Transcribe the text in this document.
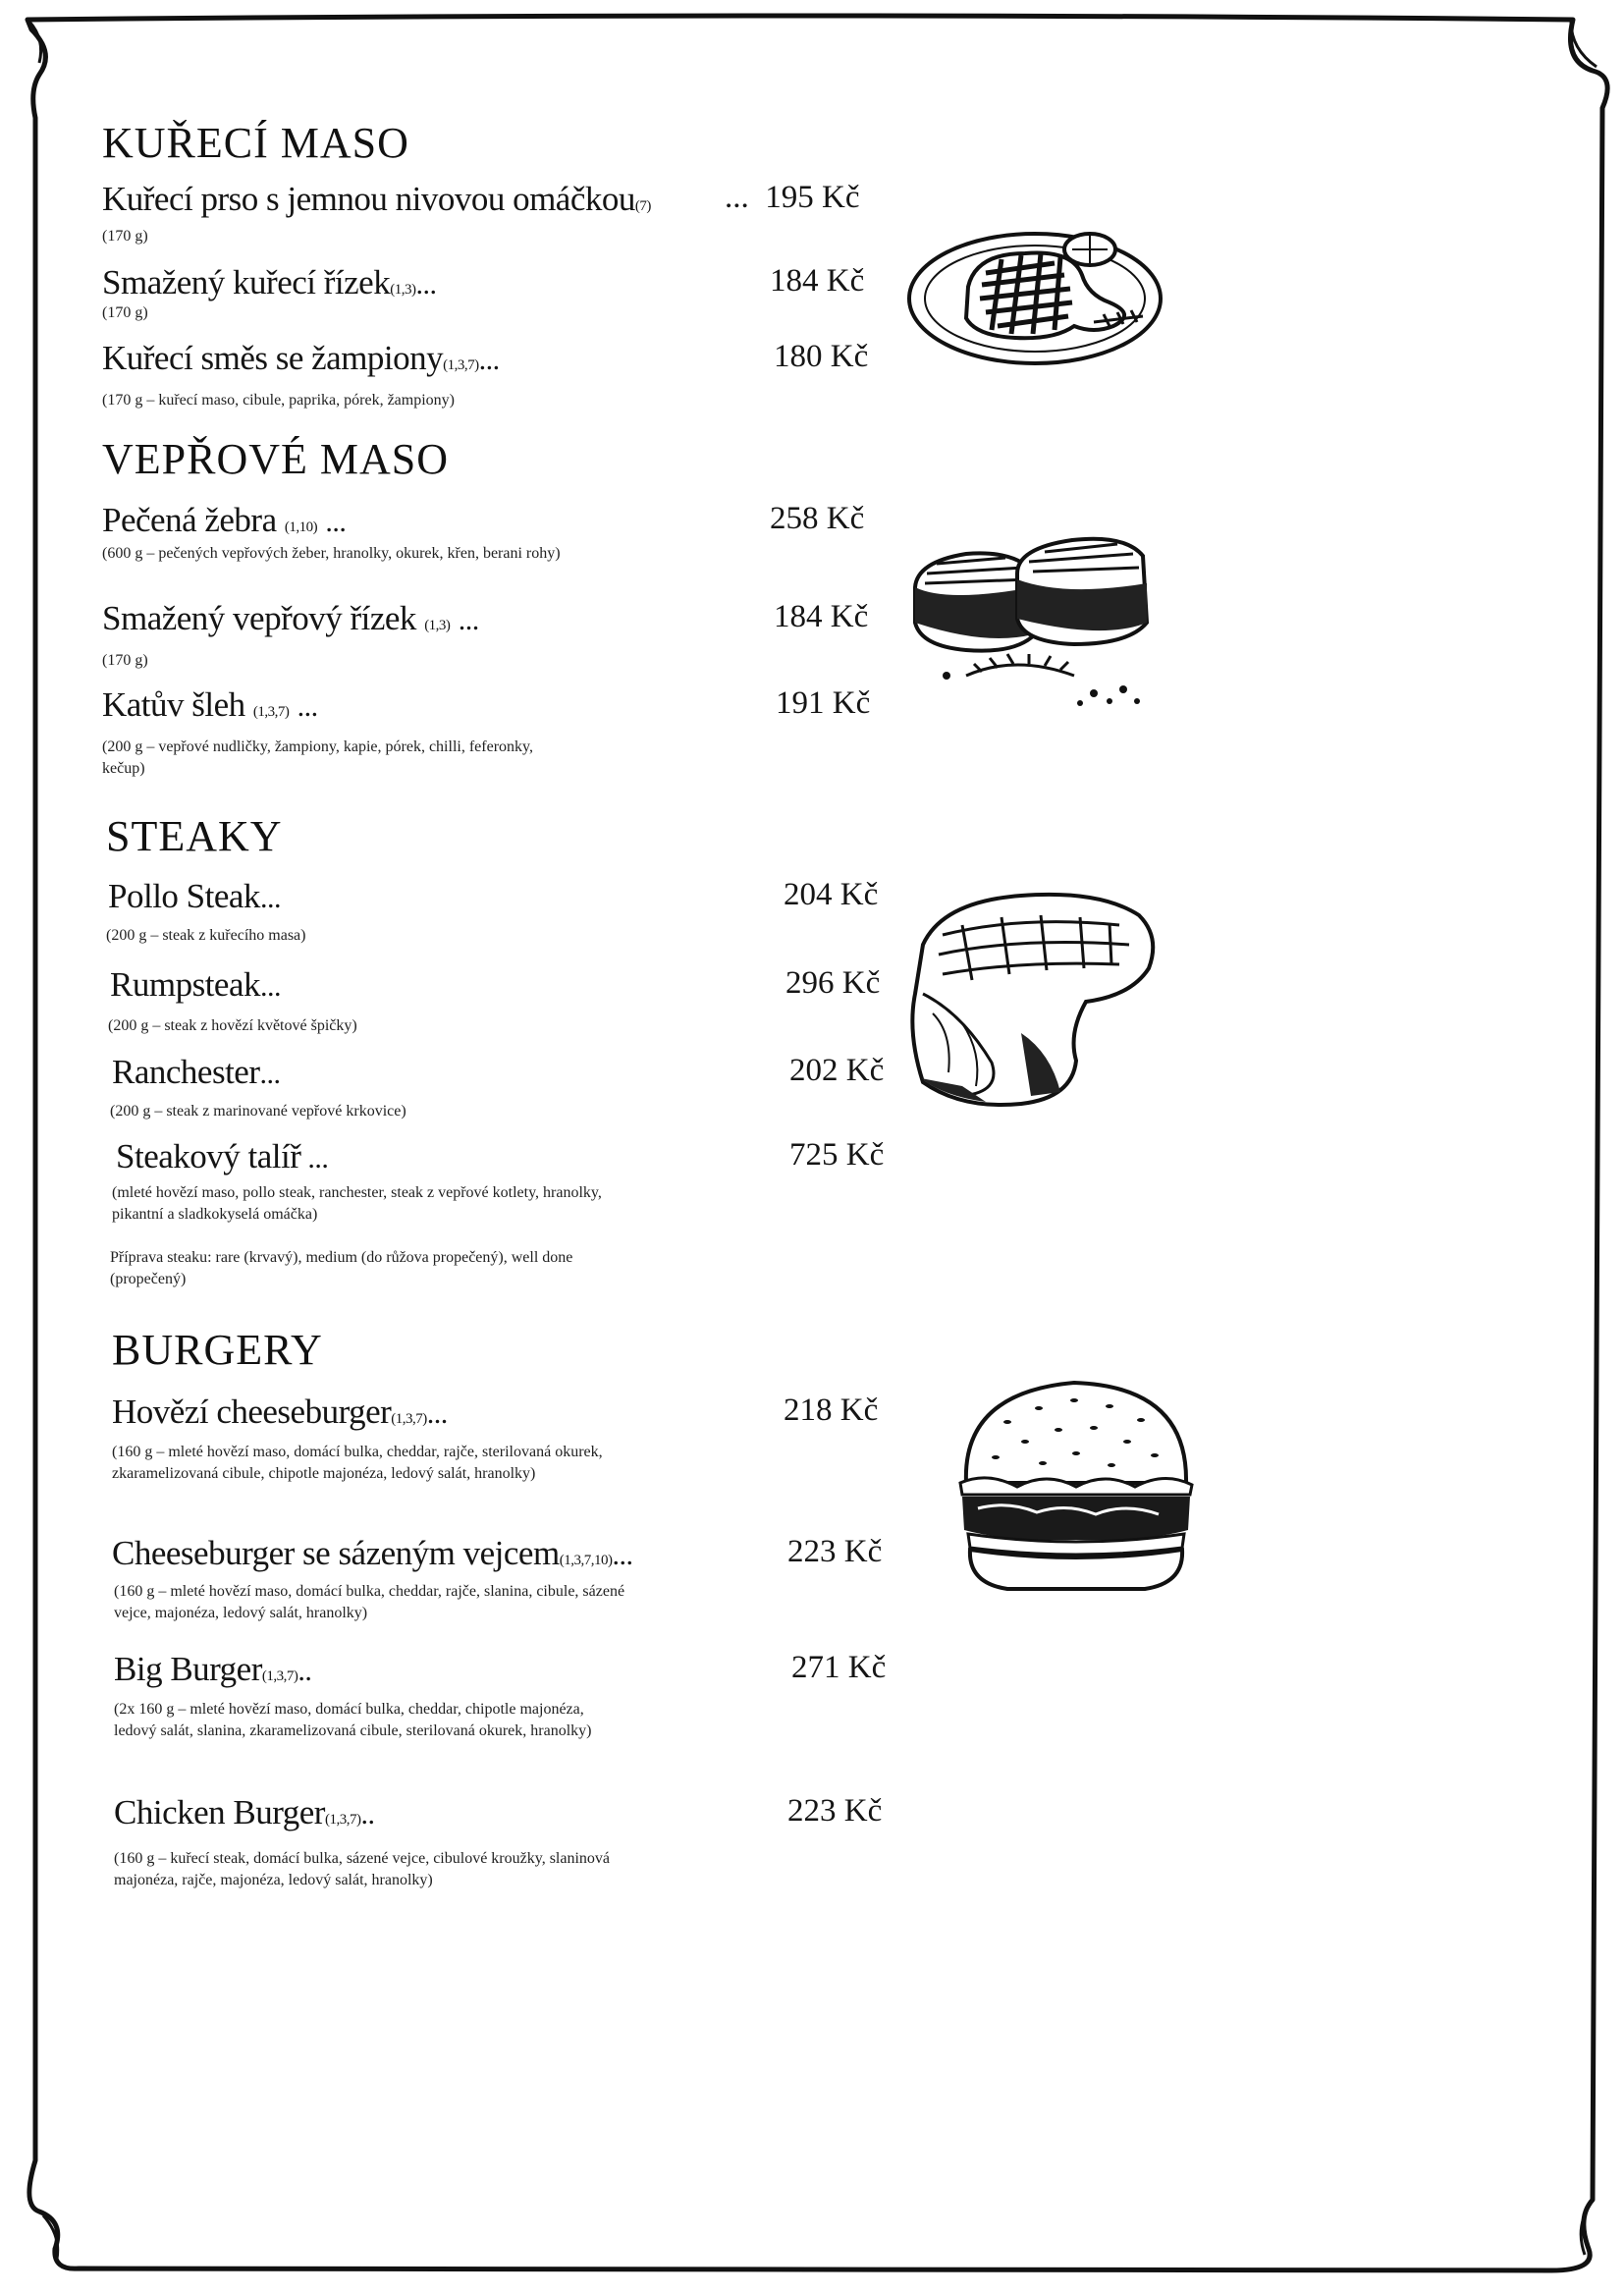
KUŘECÍ MASO
Kuřecí prso s jemnou nivovou omáčkou(7) ... 195 Kč

(170 g)

Smažený kuřecí řízek(1,3)...	184 Kč

(170 g)

Kuřecí směs se žampiony(1,3,7)...	180 Kč

(170 g – kuřecí maso, cibule, paprika, pórek, žampiony)

VEPŘOVÉ MASO
Pečená žebra (1,10) ...	258 Kč

(600 g – pečených vepřových žeber, hranolky, okurek, křen, berani rohy)

Smažený vepřový řízek (1,3) ...	184 Kč

(170 g)

Katův šleh (1,3,7) ...	191 Kč

(200 g – vepřové nudličky, žampiony, kapie, pórek, chilli, feferonky, kečup)

STEAKY
Pollo Steak...	204 Kč

(200 g – steak z kuřecího masa)

Rumpsteak...	296 Kč

(200 g – steak z hovězí květové špičky)

Ranchester...	202 Kč

(200 g – steak z marinované vepřové krkovice)

Steakový talíř ...	725 Kč

(mleté hovězí maso, pollo steak, ranchester, steak z vepřové kotlety, hranolky, pikantní a sladkokyselá omáčka)

Příprava steaku: rare (krvavý), medium (do růžova propečený), well done (propečený)

BURGERY
Hovězí cheeseburger(1,3,7)...	218 Kč

(160 g – mleté hovězí maso, domácí bulka, cheddar, rajče, sterilovaná okurek, zkaramelizovaná cibule, chipotle majonéza, ledový salát, hranolky)

Cheeseburger se sázeným vejcem(1,3,7,10)...	223 Kč

(160 g – mleté hovězí maso, domácí bulka, cheddar, rajče, slanina, cibule, sázené vejce, majonéza, ledový salát, hranolky)

Big Burger(1,3,7)..	271 Kč

(2x 160 g – mleté hovězí maso, domácí bulka, cheddar, chipotle majonéza, ledový salát, slanina, zkaramelizovaná cibule, sterilovaná okurek, hranolky)

Chicken Burger(1,3,7)..	223 Kč

(160 g – kuřecí steak, domácí bulka, sázené vejce, cibulové kroužky, slaninová majonéza, rajče, majonéza, ledový salát, hranolky)
